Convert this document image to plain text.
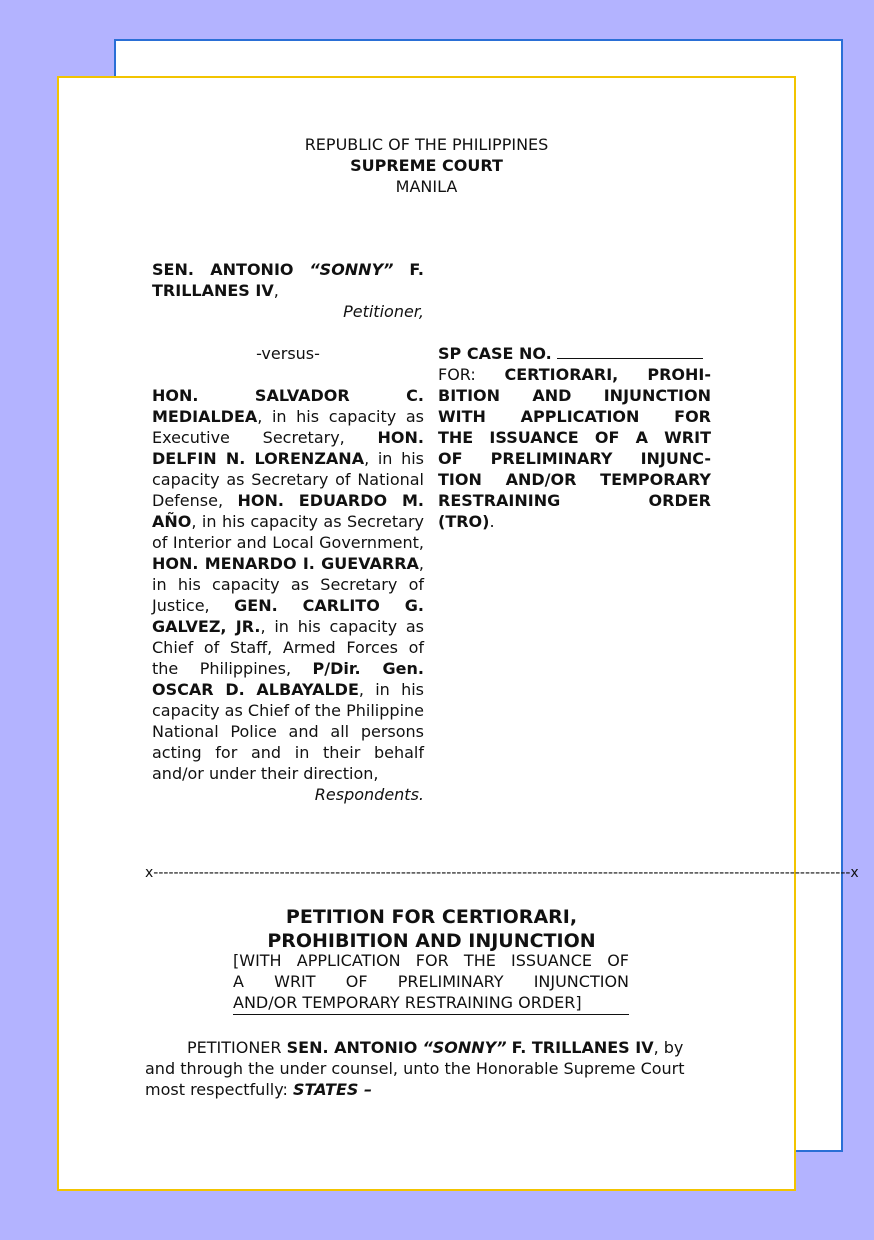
REPUBLIC OF THE PHILIPPINES
SUPREME COURT
MANILA
SEN. ANTONIO “SONNY” F.
TRILLANES IV,
Petitioner,
-versus-
HON. SALVADOR C. MEDIALDEA, in his capacity as Executive Secretary, HON. DELFIN N. LORENZANA, in his capacity as Secretary of National Defense, HON. EDUARDO M. AÑO, in his capacity as Secretary of Interior and Local Government, HON. MENARDO I. GUEVARRA, in his capacity as Secretary of Justice, GEN. CARLITO G. GALVEZ, JR., in his capacity as Chief of Staff, Armed Forces of the Philippines, P/Dir. Gen. OSCAR D. ALBAYALDE, in his capacity as Chief of the Philippine National Police and all persons acting for and in their behalf and/or under their direction,
Respondents.
SP CASE NO.
FOR: CERTIORARI, PROHI-
BITION AND INJUNCTION
WITH APPLICATION FOR
THE ISSUANCE OF A WRIT
OF PRELIMINARY INJUNC-
TION AND/OR TEMPORARY
RESTRAINING ORDER
(TRO).
x------------------------------------------------------------------------------------------------------------------------------------------x
PETITION FOR CERTIORARI,
PROHIBITION AND INJUNCTION
[WITH APPLICATION FOR THE ISSUANCE OF
A WRIT OF PRELIMINARY INJUNCTION
AND/OR TEMPORARY RESTRAINING ORDER]
PETITIONER SEN. ANTONIO “SONNY” F. TRILLANES IV, by and through the under counsel, unto the Honorable Supreme Court most respectfully: STATES –
